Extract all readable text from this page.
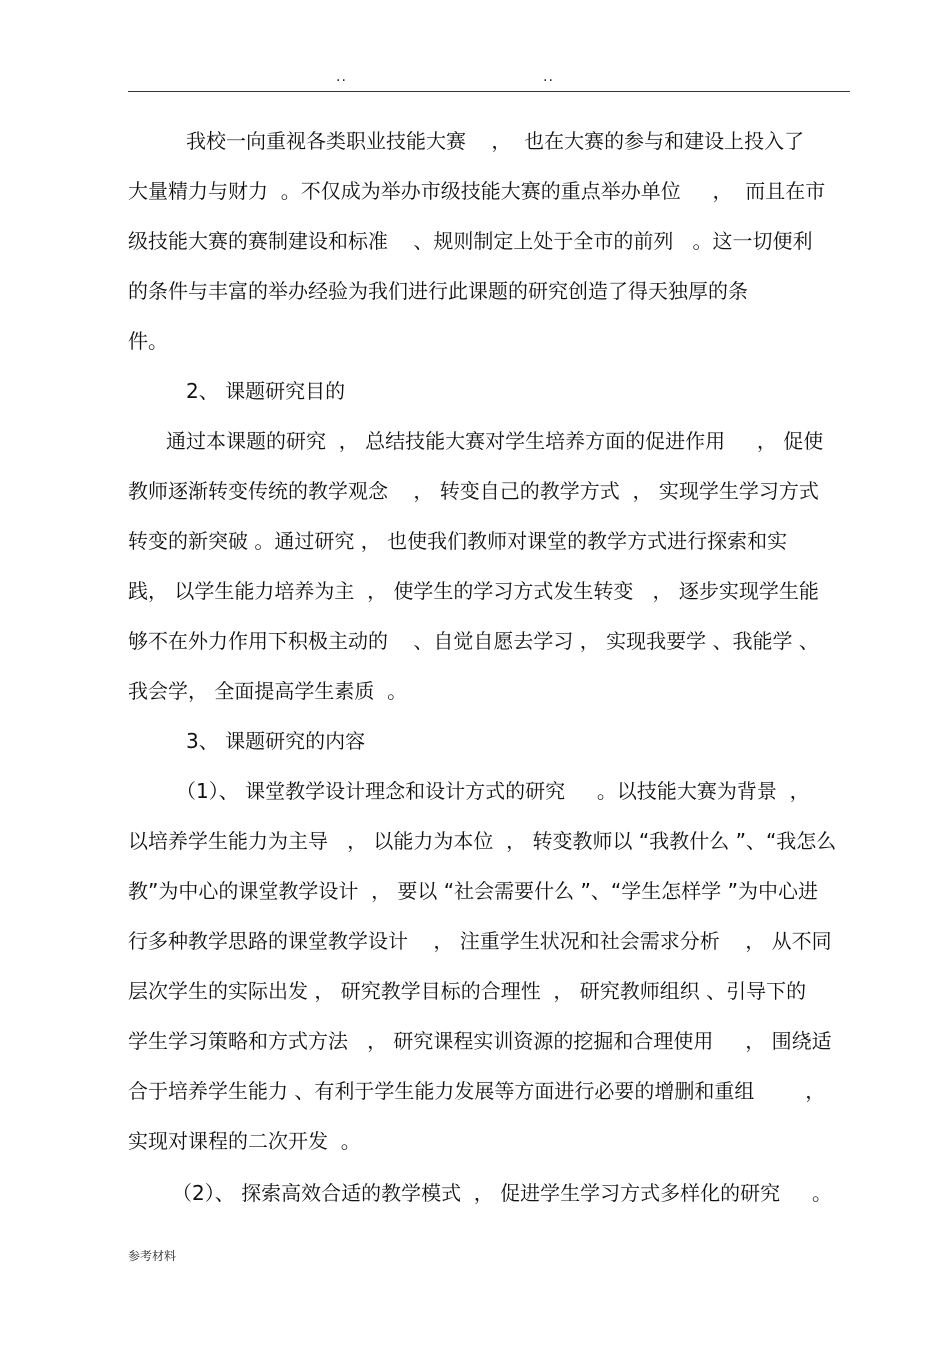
..	..
我校一向重视各类职业技能大赛    ，  也在大赛的参与和建设上投入了
大量精力与财力  。不仅成为举办市级技能大赛的重点举办单位     ，  而且在市
级技能大赛的赛制建设和标准    、规则制定上处于全市的前列   。这一切便利
的条件与丰富的举办经验为我们进行此课题的研究创造了得天独厚的条
件。
2、 课题研究目的
通过本课题的研究  ， 总结技能大赛对学生培养方面的促进作用     ， 促使
教师逐渐转变传统的教学观念    ， 转变自己的教学方式  ， 实现学生学习方式
转变的新突破 。通过研究 ， 也使我们教师对课堂的教学方式进行探索和实
践， 以学生能力培养为主  ， 使学生的学习方式发生转变   ， 逐步实现学生能
够不在外力作用下积极主动的    、自觉自愿去学习 ， 实现我要学 、我能学 、
我会学， 全面提高学生素质  。
3、 课题研究的内容
（1）、 课堂教学设计理念和设计方式的研究     。以技能大赛为背景  ，
以培养学生能力为主导   ， 以能力为本位  ， 转变教师以 “我教什么 ”、“我怎么
教”为中心的课堂教学设计  ， 要以 “社会需要什么 ”、“学生怎样学 ”为中心进
行多种教学思路的课堂教学设计    ， 注重学生状况和社会需求分析    ， 从不同
层次学生的实际出发 ， 研究教学目标的合理性  ， 研究教师组织 、引导下的
学生学习策略和方式方法   ， 研究课程实训资源的挖掘和合理使用     ， 围绕适
合于培养学生能力 、有利于学生能力发展等方面进行必要的增删和重组        ，
实现对课程的二次开发  。
（2）、 探索高效合适的教学模式  ， 促进学生学习方式多样化的研究     。
参考材料
